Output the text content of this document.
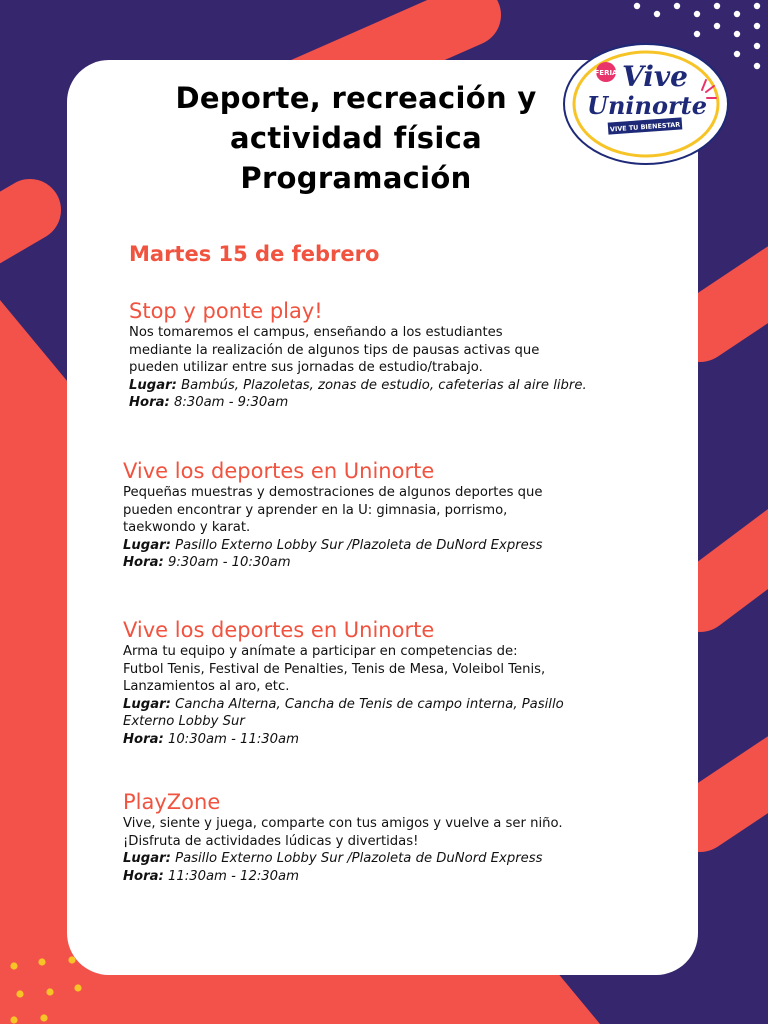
FERIA Vive
Uninorte
VIVE TU BIENESTAR
Deporte, recreación y
actividad física
Programación
Martes 15 de febrero
Stop y ponte play!
Nos tomaremos el campus, enseñando a los estudiantes
mediante la realización de algunos tips de pausas activas que
pueden utilizar entre sus jornadas de estudio/trabajo.
Lugar: Bambús, Plazoletas, zonas de estudio, cafeterias al aire libre.
Hora: 8:30am - 9:30am
Vive los deportes en Uninorte
Pequeñas muestras y demostraciones de algunos deportes que
pueden encontrar y aprender en la U: gimnasia, porrismo,
taekwondo y karat.
Lugar: Pasillo Externo Lobby Sur /Plazoleta de DuNord Express
Hora: 9:30am - 10:30am
Vive los deportes en Uninorte
Arma tu equipo y anímate a participar en competencias de:
Futbol Tenis, Festival de Penalties, Tenis de Mesa, Voleibol Tenis,
Lanzamientos al aro, etc.
Lugar: Cancha Alterna, Cancha de Tenis de campo interna, Pasillo
Externo Lobby Sur
Hora: 10:30am - 11:30am
PlayZone
Vive, siente y juega, comparte con tus amigos y vuelve a ser niño.
¡Disfruta de actividades lúdicas y divertidas!
Lugar: Pasillo Externo Lobby Sur /Plazoleta de DuNord Express
Hora: 11:30am - 12:30am
